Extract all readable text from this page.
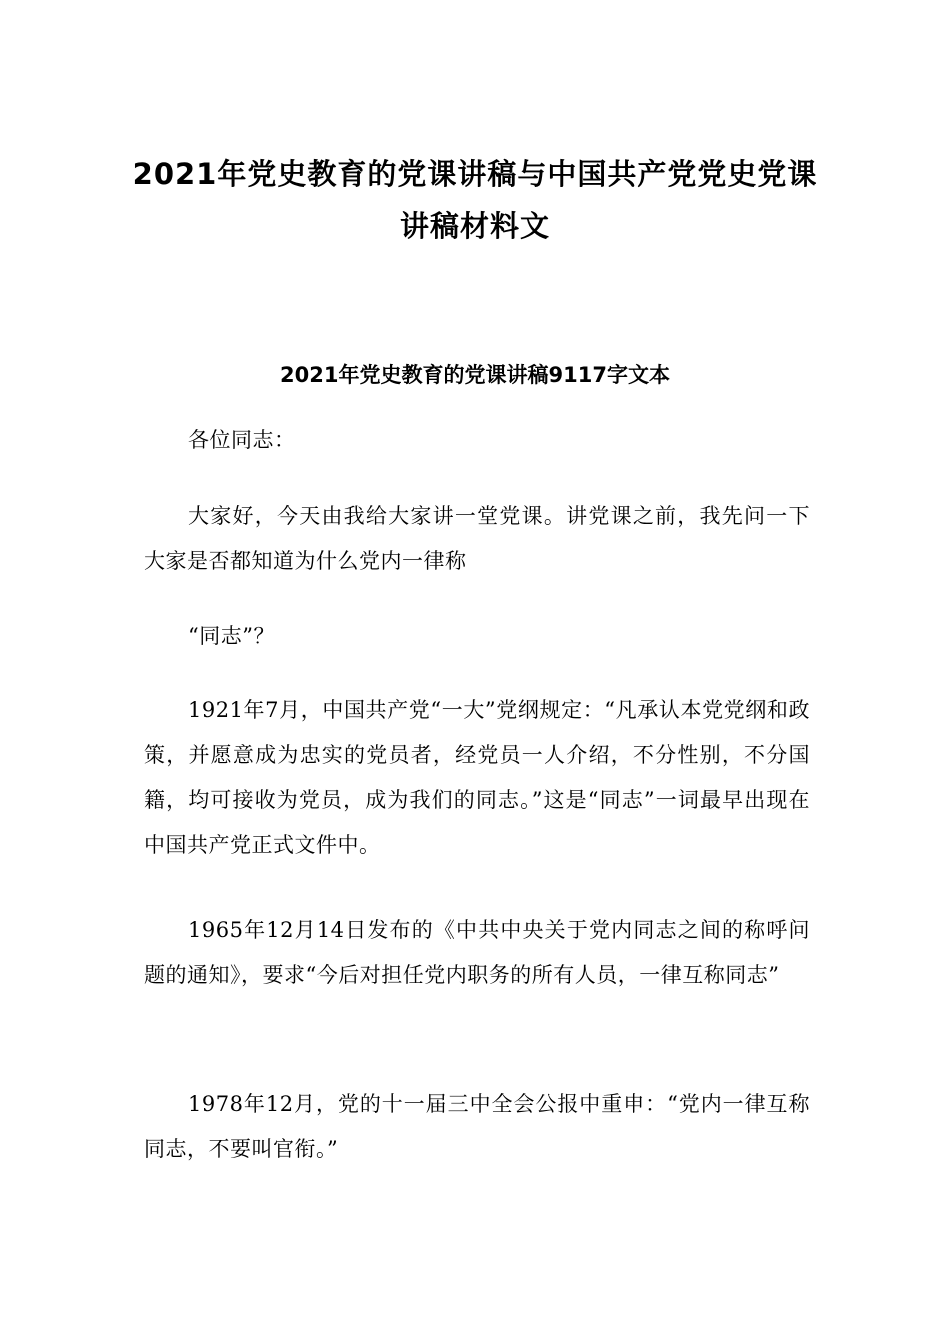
2021年党史教育的党课讲稿与中国共产党党史党课
讲稿材料文
2021年党史教育的党课讲稿9117字文本

各位同志：

大家好，今天由我给大家讲一堂党课。讲党课之前，我先问一下大家是否都知道为什么党内一律称

“同志”？

1921年7月，中国共产党“一大”党纲规定：“凡承认本党党纲和政策，并愿意成为忠实的党员者，经党员一人介绍，不分性别，不分国籍，均可接收为党员，成为我们的同志。”这是“同志”一词最早出现在中国共产党正式文件中。

1965年12月14日发布的《中共中央关于党内同志之间的称呼问题的通知》，要求“今后对担任党内职务的所有人员，一律互称同志”

1978年12月，党的十一届三中全会公报中重申：“党内一律互称同志，不要叫官衔。”
